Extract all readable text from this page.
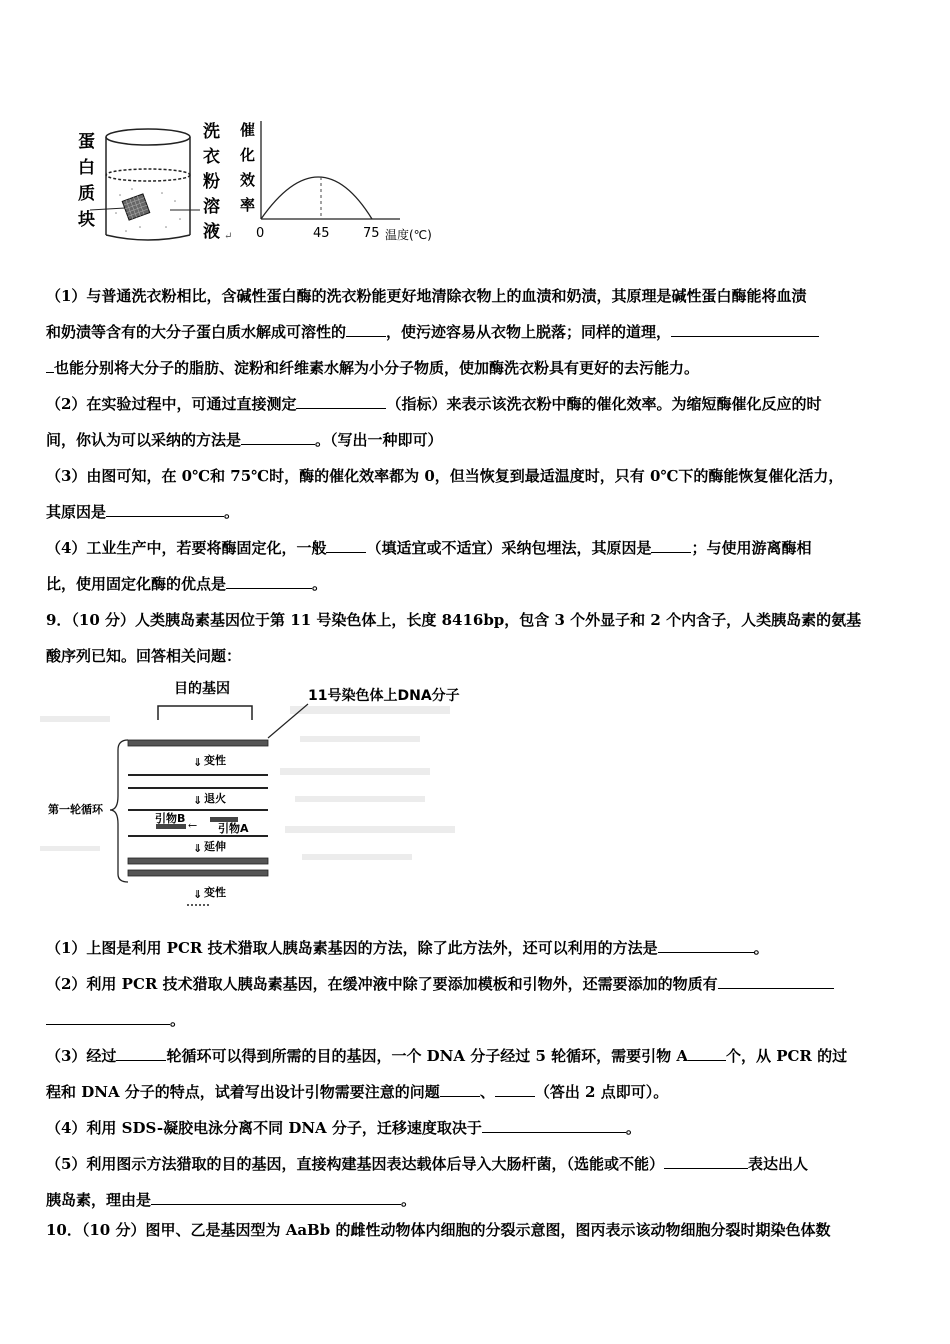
蛋
白
质
块
洗
衣
粉
溶
液 ↵
催
化
效
率
0	45	75 温度(℃)
（1）与普通洗衣粉相比，含碱性蛋白酶的洗衣粉能更好地清除衣物上的血渍和奶渍，其原理是碱性蛋白酶能将血渍
和奶渍等含有的大分子蛋白质水解成可溶性的	，使污迹容易从衣物上脱落；同样的道理，
也能分别将大分子的脂肪、淀粉和纤维素水解为小分子物质，使加酶洗衣粉具有更好的去污能力。
（2）在实验过程中，可通过直接测定	（指标）来表示该洗衣粉中酶的催化效率。为缩短酶催化反应的时
间，你认为可以采纳的方法是	。（写出一种即可）
（3）由图可知，在 0℃和 75℃时，酶的催化效率都为 0，但当恢复到最适温度时，只有 0℃下的酶能恢复催化活力，
其原因是	。
（4）工业生产中，若要将酶固定化，一般	（填适宜或不适宜）采纳包埋法，其原因是	；与使用游离酶相
比，使用固定化酶的优点是	。
9．（10 分）人类胰岛素基因位于第 11 号染色体上，长度 8416bp，包含 3 个外显子和 2 个内含子，人类胰岛素的氨基
酸序列已知。回答相关问题：
目的基因	11号染色体上DNA分子
第一轮循环
←
⇓ 变性
⇓ 退火
引物B
引物A
⇓ 延伸
⇓ 变性
（1）上图是利用 PCR 技术猎取人胰岛素基因的方法，除了此方法外，还可以利用的方法是	。
（2）利用 PCR 技术猎取人胰岛素基因，在缓冲液中除了要添加模板和引物外，还需要添加的物质有
。
（3）经过	轮循环可以得到所需的目的基因，一个 DNA 分子经过 5 轮循环，需要引物 A	个，从 PCR 的过
程和 DNA 分子的特点，试着写出设计引物需要注意的问题	、	（答出 2 点即可）。
（4）利用 SDS-凝胶电泳分离不同 DNA 分子，迁移速度取决于	。
（5）利用图示方法猎取的目的基因，直接构建基因表达载体后导入大肠杆菌，（选能或不能）	表达出人
胰岛素，理由是	。
10．（10 分）图甲、乙是基因型为 AaBb 的雌性动物体内细胞的分裂示意图，图丙表示该动物细胞分裂时期染色体数
